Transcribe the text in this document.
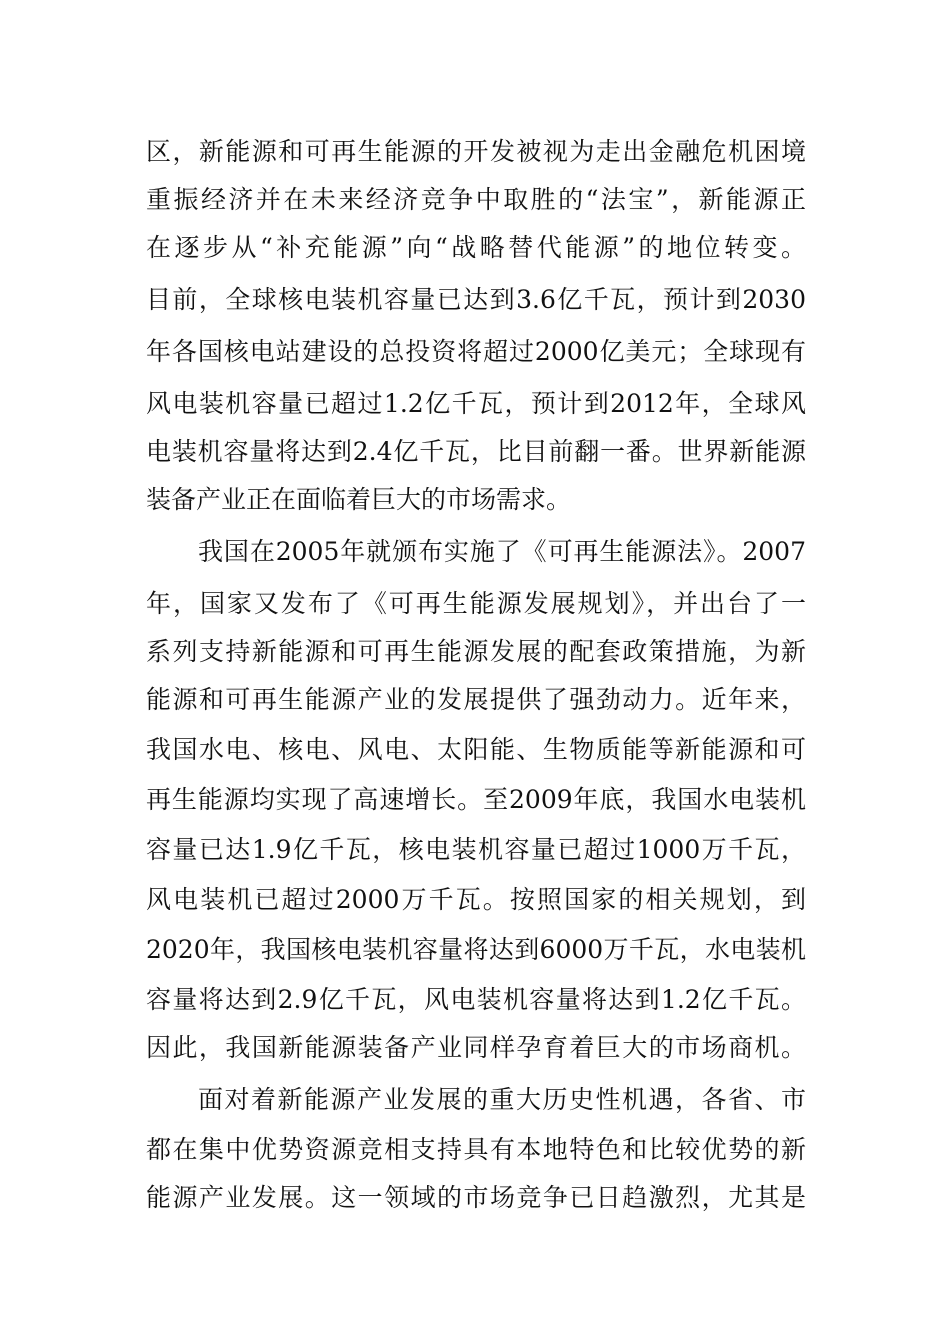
区，新能源和可再生能源的开发被视为走出金融危机困境
重振经济并在未来经济竞争中取胜的“法宝”，新能源正
在逐步从“补充能源”向“战略替代能源”的地位转变。
目前，全球核电装机容量已达到3.6亿千瓦，预计到2030
年各国核电站建设的总投资将超过2000亿美元；全球现有
风电装机容量已超过1.2亿千瓦，预计到2012年，全球风
电装机容量将达到2.4亿千瓦，比目前翻一番。世界新能源
装备产业正在面临着巨大的市场需求。
我国在2005年就颁布实施了《可再生能源法》。2007
年，国家又发布了《可再生能源发展规划》，并出台了一
系列支持新能源和可再生能源发展的配套政策措施，为新
能源和可再生能源产业的发展提供了强劲动力。近年来，
我国水电、核电、风电、太阳能、生物质能等新能源和可
再生能源均实现了高速增长。至2009年底，我国水电装机
容量已达1.9亿千瓦，核电装机容量已超过1000万千瓦，
风电装机已超过2000万千瓦。按照国家的相关规划，到
2020年，我国核电装机容量将达到6000万千瓦，水电装机
容量将达到2.9亿千瓦，风电装机容量将达到1.2亿千瓦。
因此，我国新能源装备产业同样孕育着巨大的市场商机。
面对着新能源产业发展的重大历史性机遇，各省、市
都在集中优势资源竞相支持具有本地特色和比较优势的新
能源产业发展。这一领域的市场竞争已日趋激烈，尤其是
